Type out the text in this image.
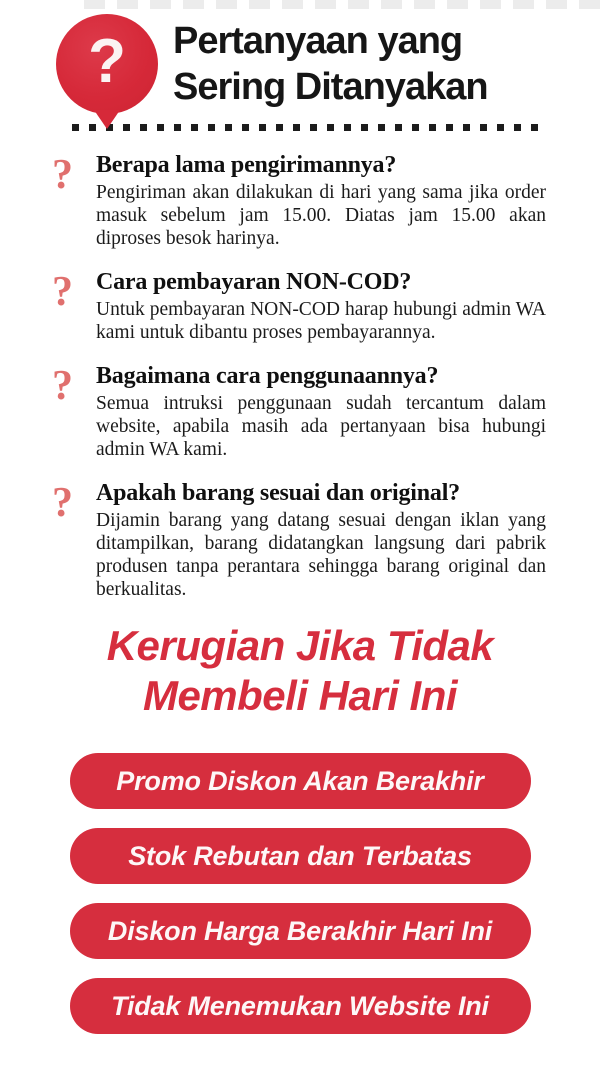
? Pertanyaan yang
Sering Ditanyakan
? Berapa lama pengirimannya?

Pengiriman akan dilakukan di hari yang sama jika order masuk sebelum jam 15.00. Diatas jam 15.00 akan diproses besok harinya.

? Cara pembayaran NON-COD?

Untuk pembayaran NON-COD harap hubungi admin WA kami untuk dibantu proses pembayarannya.

? Bagaimana cara penggunaannya?

Semua intruksi penggunaan sudah tercantum dalam website, apabila masih ada pertanyaan bisa hubungi admin WA kami.

? Apakah barang sesuai dan original?

Dijamin barang yang datang sesuai dengan iklan yang ditampilkan, barang didatangkan langsung dari pabrik produsen tanpa perantara sehingga barang original dan berkualitas.

Kerugian Jika Tidak
Membeli Hari Ini
Promo Diskon Akan Berakhir
Stok Rebutan dan Terbatas
Diskon Harga Berakhir Hari Ini
Tidak Menemukan Website Ini
